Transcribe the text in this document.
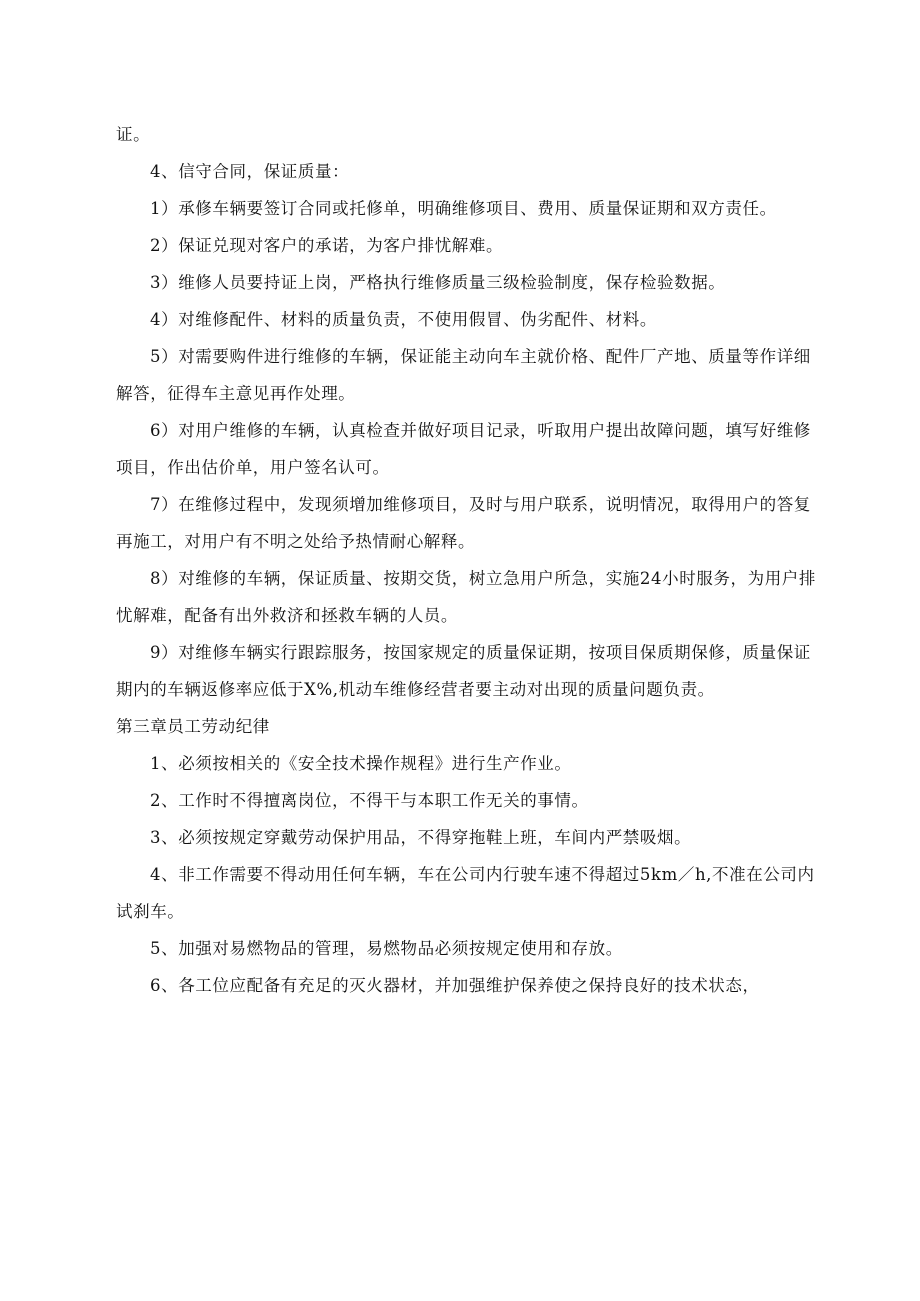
证。

4、信守合同，保证质量：

1）承修车辆要签订合同或托修单，明确维修项目、费用、质量保证期和双方责任。

2）保证兑现对客户的承诺，为客户排忧解难。

3）维修人员要持证上岗，严格执行维修质量三级检验制度，保存检验数据。

4）对维修配件、材料的质量负责，不使用假冒、伪劣配件、材料。

5）对需要购件进行维修的车辆，保证能主动向车主就价格、配件厂产地、质量等作详细解答，征得车主意见再作处理。

6）对用户维修的车辆，认真检查并做好项目记录，听取用户提出故障问题，填写好维修项目，作出估价单，用户签名认可。

7）在维修过程中，发现须增加维修项目，及时与用户联系，说明情况，取得用户的答复再施工，对用户有不明之处给予热情耐心解释。

8）对维修的车辆，保证质量、按期交货，树立急用户所急，实施24小时服务，为用户排忧解难，配备有出外救济和拯救车辆的人员。

9）对维修车辆实行跟踪服务，按国家规定的质量保证期，按项目保质期保修，质量保证期内的车辆返修率应低于X%,机动车维修经营者要主动对出现的质量问题负责。

第三章员工劳动纪律

1、必须按相关的《安全技术操作规程》进行生产作业。

2、工作时不得擅离岗位，不得干与本职工作无关的事情。

3、必须按规定穿戴劳动保护用品，不得穿拖鞋上班，车间内严禁吸烟。

4、非工作需要不得动用任何车辆，车在公司内行驶车速不得超过5km／h,不准在公司内试刹车。

5、加强对易燃物品的管理，易燃物品必须按规定使用和存放。

6、各工位应配备有充足的灭火器材，并加强维护保养使之保持良好的技术状态，
